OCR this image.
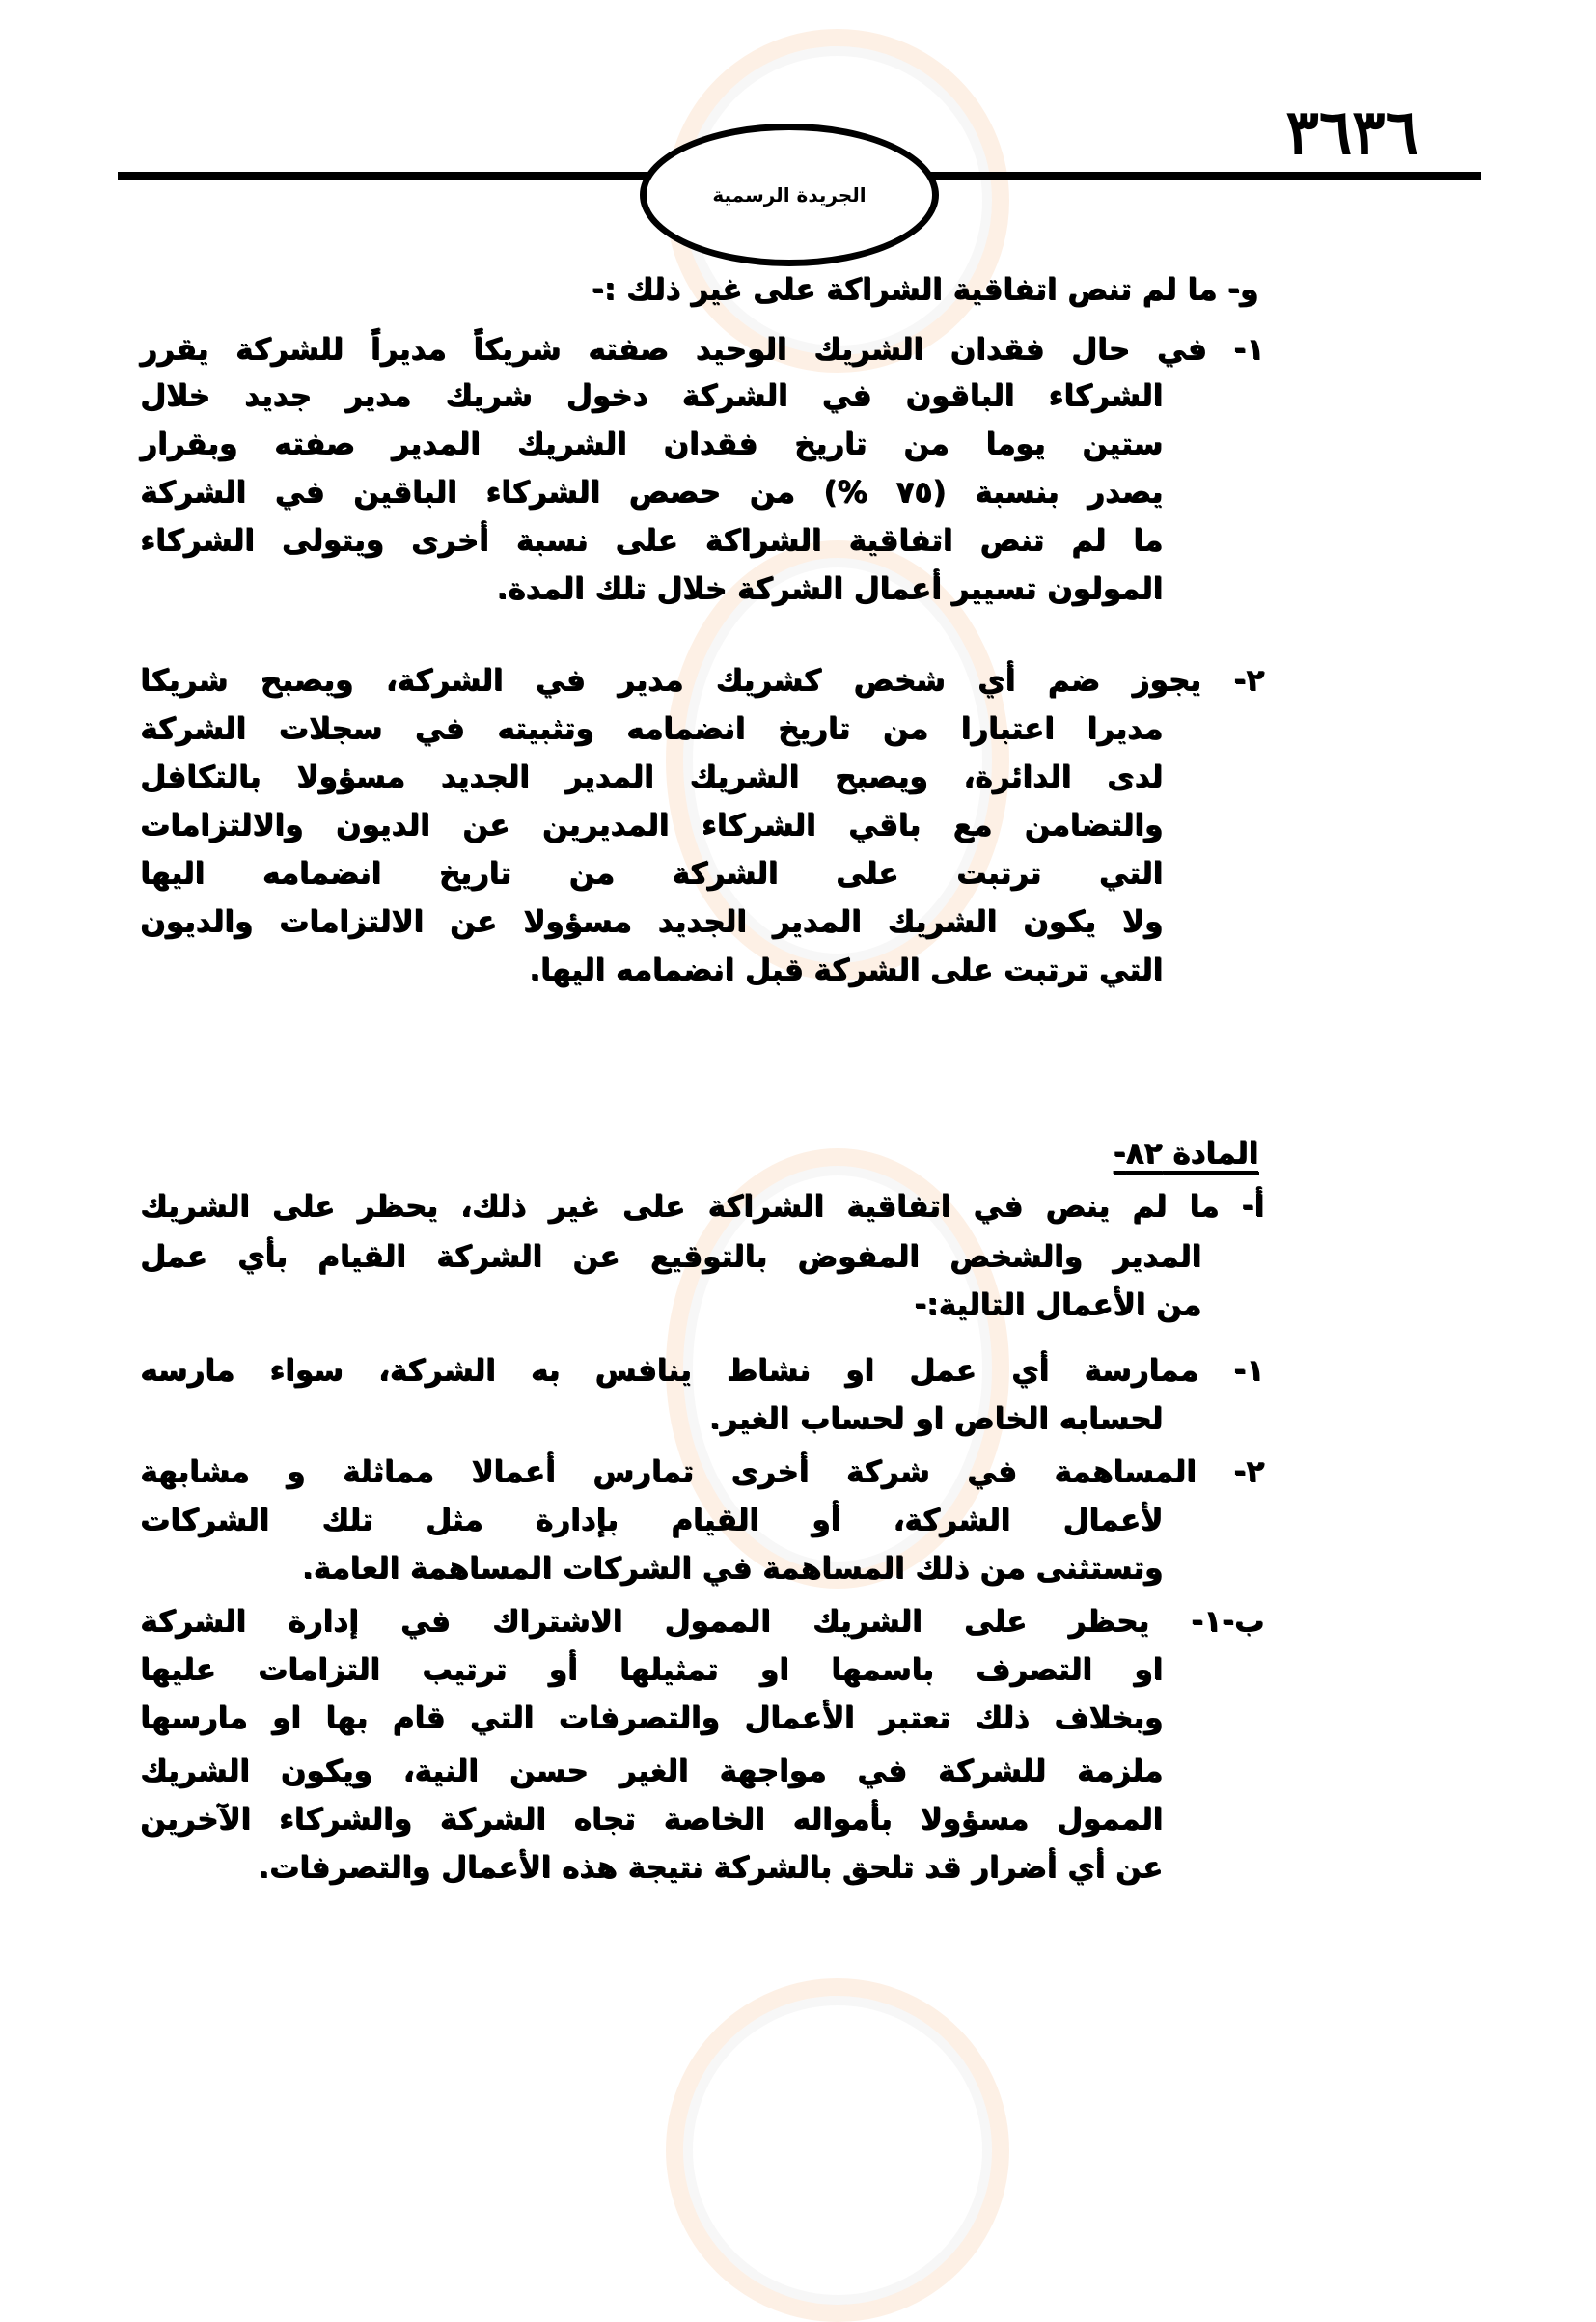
٣٦٣٦
الجريدة الرسمية
و- ما لم تنص اتفاقية الشراكة على غير ذلك :-
١- في حال فقدان الشريك الوحيد صفته شريكاً مديراً للشركة يقرر
الشركاء الباقون في الشركة دخول شريك مدير جديد خلال
ستين يوما من تاريخ فقدان الشريك المدير صفته وبقرار
يصدر بنسبة (٧٥ %) من حصص الشركاء الباقين في الشركة
ما لم تنص اتفاقية الشراكة على نسبة أخرى ويتولى الشركاء
المولون تسيير أعمال الشركة خلال تلك المدة.
٢- يجوز ضم أي شخص كشريك مدير في الشركة، ويصبح شريكا
مديرا اعتبارا من تاريخ انضمامه وتثبيته في سجلات الشركة
لدى الدائرة، ويصبح الشريك المدير الجديد مسؤولا بالتكافل
والتضامن مع باقي الشركاء المديرين عن الديون والالتزامات
التي ترتبت على الشركة من تاريخ انضمامه اليها
ولا يكون الشريك المدير الجديد مسؤولا عن الالتزامات والديون
التي ترتبت على الشركة قبل انضمامه اليها.
المادة ٨٢-
أ- ما لم ينص في اتفاقية الشراكة على غير ذلك، يحظر على الشريك
المدير والشخص المفوض بالتوقيع عن الشركة القيام بأي عمل
من الأعمال التالية:-
١- ممارسة أي عمل او نشاط ينافس به الشركة، سواء مارسه
لحسابه الخاص او لحساب الغير.
٢- المساهمة في شركة أخرى تمارس أعمالا مماثلة و مشابهة
لأعمال الشركة، أو القيام بإدارة مثل تلك الشركات
وتستثنى من ذلك المساهمة في الشركات المساهمة العامة.
ب-١- يحظر على الشريك الممول الاشتراك في إدارة الشركة
او التصرف باسمها او تمثيلها أو ترتيب التزامات عليها
وبخلاف ذلك تعتبر الأعمال والتصرفات التي قام بها او مارسها
ملزمة للشركة في مواجهة الغير حسن النية، ويكون الشريك
الممول مسؤولا بأمواله الخاصة تجاه الشركة والشركاء الآخرين
عن أي أضرار قد تلحق بالشركة نتيجة هذه الأعمال والتصرفات.
